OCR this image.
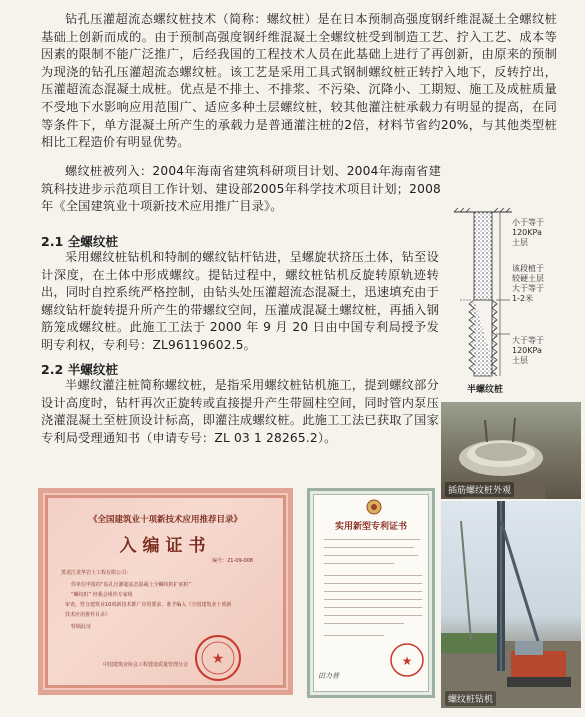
钻孔压灌超流态螺纹桩技术（简称：螺纹桩）是在日本预制高强度钢纤维混凝土全螺纹桩基础上创新而成的。由于预制高强度钢纤维混凝土全螺纹桩受到制造工艺、拧入工艺、成本等因素的限制不能广泛推广，后经我国的工程技术人员在此基础上进行了再创新，由原来的预制为现浇的钻孔压灌超流态螺纹桩。该工艺是采用工具式钢制螺纹桩正转拧入地下，反转拧出，压灌超流态混凝土成桩。优点是不排土、不排浆、不污染、沉降小、工期短、施工及成桩质量不受地下水影响应用范围广、适应多种土层螺纹桩，较其他灌注桩承载力有明显的提高，在同等条件下，单方混凝土所产生的承载力是普通灌注桩的2倍，材料节省约20%，与其他类型桩相比工程造价有明显优势。

螺纹桩被列入：2004年海南省建筑科研项目计划、2004年海南省建筑科技进步示范项目工作计划、建设部2005年科学技术项目计划；2008年《全国建筑业十项新技术应用推广目录》。

2.1 全螺纹桩

采用螺纹桩钻机和特制的螺纹钻杆钻进，呈螺旋状挤压土体，钻至设计深度，在土体中形成螺纹。提钻过程中，螺纹桩钻机反旋转原轨迹转出，同时自控系统严格控制，由钻头处压灌超流态混凝土，迅速填充由于螺纹钻杆旋转提升所产生的带螺纹空间，压灌成混凝土螺纹桩，再插入钢筋笼成螺纹桩。此施工工法于 2000 年 9 月 20 日由中国专利局授予发明专利权，专利号：ZL96119602.5。

2.2 半螺纹桩

半螺纹灌注桩简称螺纹桩，是指采用螺纹桩钻机施工，提到螺纹部分设计高度时，钻杆再次正旋转或直接提升产生带圆柱空间，同时管内泵压浇灌混凝土至桩顶设计标高，即灌注成螺纹桩。此施工工法已获取了国家专利局受理通知书（申请专号：ZL 03 1 28265.2）。

小于等于
120KPa
土层
该段植于
较硬土层
大于等于
1-2米
大于等于
120KPa
土层
半螺纹桩
插筋螺纹桩外观
螺纹桩钻机
《全国建筑业十项新技术应用推荐目录》
入编证书
编号：21-09-008
黑龙江龙华岩土工程有限公司：
你单位申报的“钻孔压灌超流态混凝土全螺纹桩扩底桩”
“螺纹桩” 经我会组织专家组
审查，符合建筑业10项新技术推广应用要求，准予编入《全国建筑业十项新
技术应用推荐目录》
特颁此证
★
中国建筑业协会工程建设质量管理分会
实用新型专利证书
★
田力普
